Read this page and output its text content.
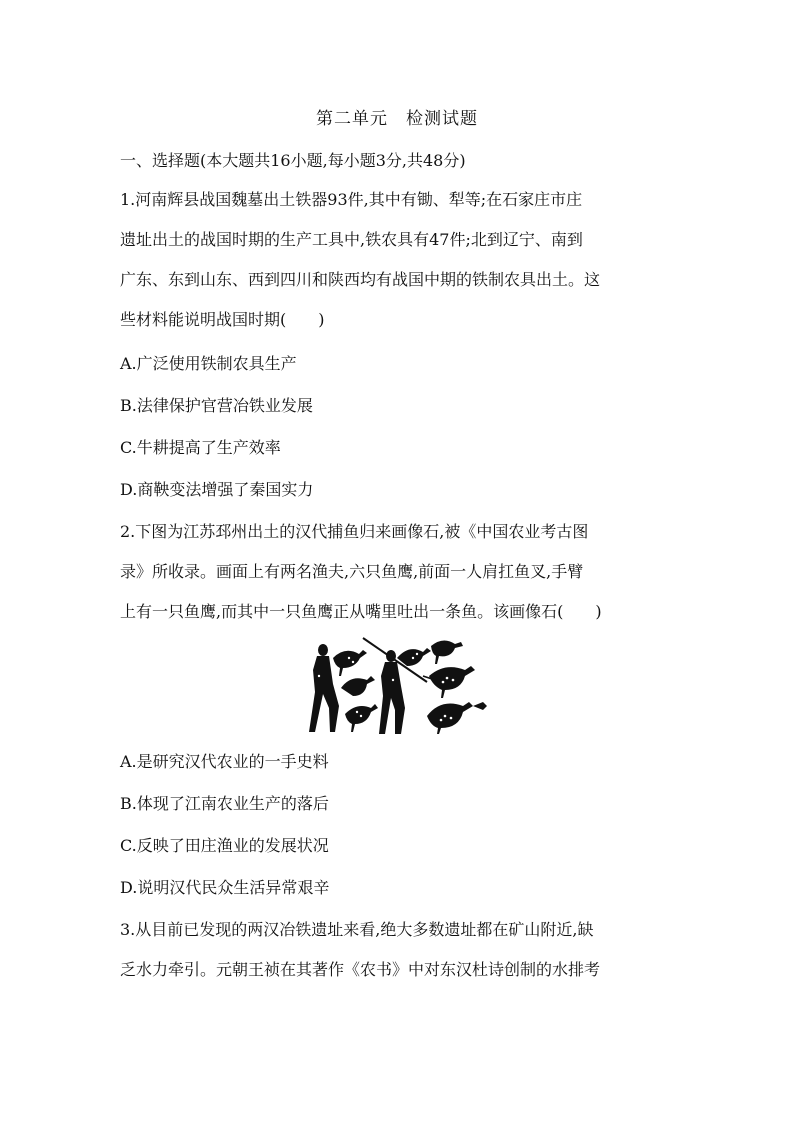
第二单元　检测试题
一、选择题(本大题共16小题,每小题3分,共48分)
1.河南辉县战国魏墓出土铁器93件,其中有锄、犁等;在石家庄市庄
遗址出土的战国时期的生产工具中,铁农具有47件;北到辽宁、南到
广东、东到山东、西到四川和陕西均有战国中期的铁制农具出土。这
些材料能说明战国时期(　　)
A.广泛使用铁制农具生产
B.法律保护官营冶铁业发展
C.牛耕提高了生产效率
D.商鞅变法增强了秦国实力
2.下图为江苏邳州出土的汉代捕鱼归来画像石,被《中国农业考古图
录》所收录。画面上有两名渔夫,六只鱼鹰,前面一人肩扛鱼叉,手臂
上有一只鱼鹰,而其中一只鱼鹰正从嘴里吐出一条鱼。该画像石(　　)
A.是研究汉代农业的一手史料
B.体现了江南农业生产的落后
C.反映了田庄渔业的发展状况
D.说明汉代民众生活异常艰辛
3.从目前已发现的两汉冶铁遗址来看,绝大多数遗址都在矿山附近,缺
乏水力牵引。元朝王祯在其著作《农书》中对东汉杜诗创制的水排考
